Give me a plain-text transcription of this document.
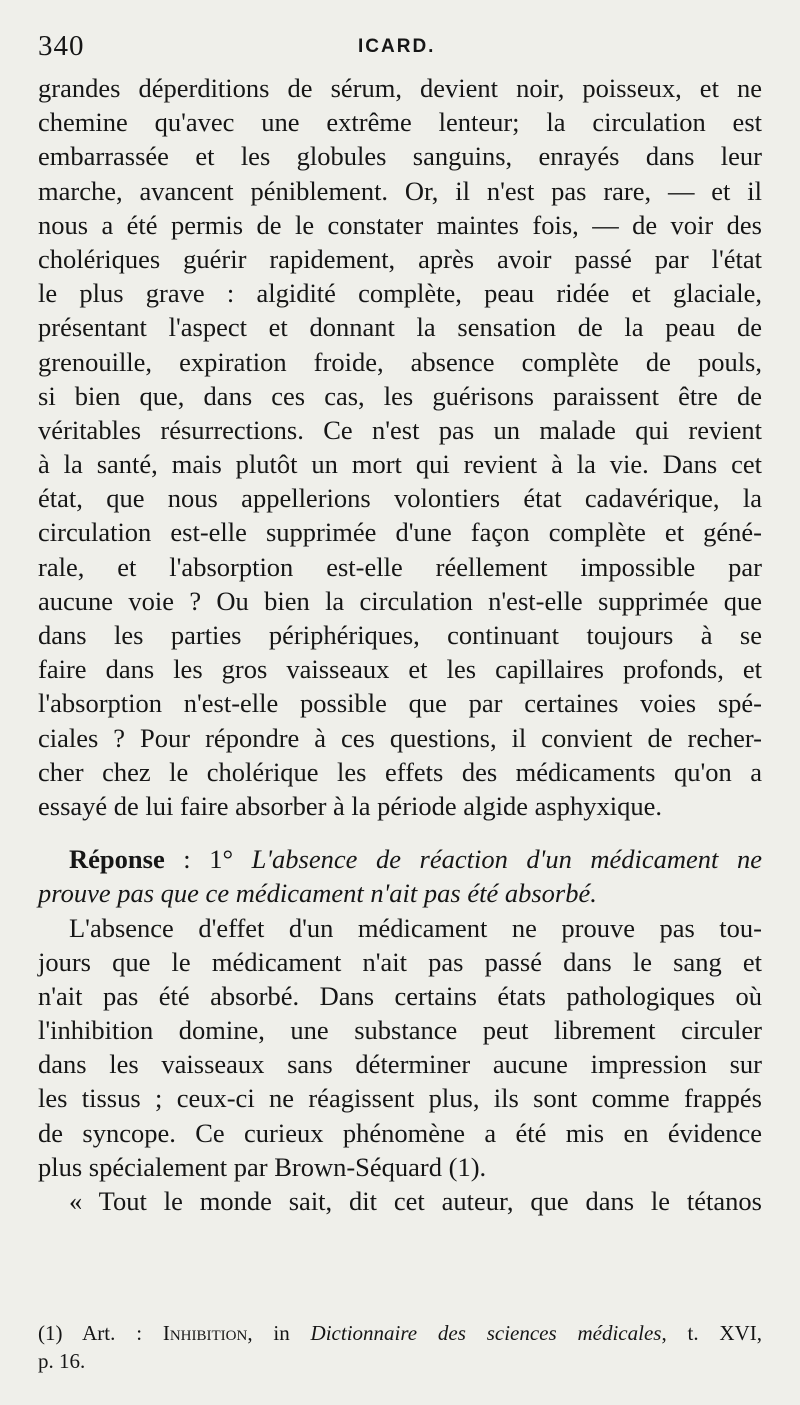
340	ICARD.
grandes déperditions de sérum, devient noir, poisseux, et ne
chemine qu'avec une extrême lenteur; la circulation est
embarrassée et les globules sanguins, enrayés dans leur
marche, avancent péniblement. Or, il n'est pas rare, — et il
nous a été permis de le constater maintes fois, — de voir des
cholériques guérir rapidement, après avoir passé par l'état
le plus grave : algidité complète, peau ridée et glaciale,
présentant l'aspect et donnant la sensation de la peau de
grenouille, expiration froide, absence complète de pouls,
si bien que, dans ces cas, les guérisons paraissent être de
véritables résurrections. Ce n'est pas un malade qui revient
à la santé, mais plutôt un mort qui revient à la vie. Dans cet
état, que nous appellerions volontiers état cadavérique, la
circulation est-elle supprimée d'une façon complète et géné-
rale, et l'absorption est-elle réellement impossible par
aucune voie ? Ou bien la circulation n'est-elle supprimée que
dans les parties périphériques, continuant toujours à se
faire dans les gros vaisseaux et les capillaires profonds, et
l'absorption n'est-elle possible que par certaines voies spé-
ciales ? Pour répondre à ces questions, il convient de recher-
cher chez le cholérique les effets des médicaments qu'on a
essayé de lui faire absorber à la période algide asphyxique.
Réponse : 1° L'absence de réaction d'un médicament ne
prouve pas que ce médicament n'ait pas été absorbé.
L'absence d'effet d'un médicament ne prouve pas tou-
jours que le médicament n'ait pas passé dans le sang et
n'ait pas été absorbé. Dans certains états pathologiques où
l'inhibition domine, une substance peut librement circuler
dans les vaisseaux sans déterminer aucune impression sur
les tissus ; ceux-ci ne réagissent plus, ils sont comme frappés
de syncope. Ce curieux phénomène a été mis en évidence
plus spécialement par Brown-Séquard (1).
« Tout le monde sait, dit cet auteur, que dans le tétanos
(1) Art. : Inhibition, in Dictionnaire des sciences médicales, t. XVI,
p. 16.
